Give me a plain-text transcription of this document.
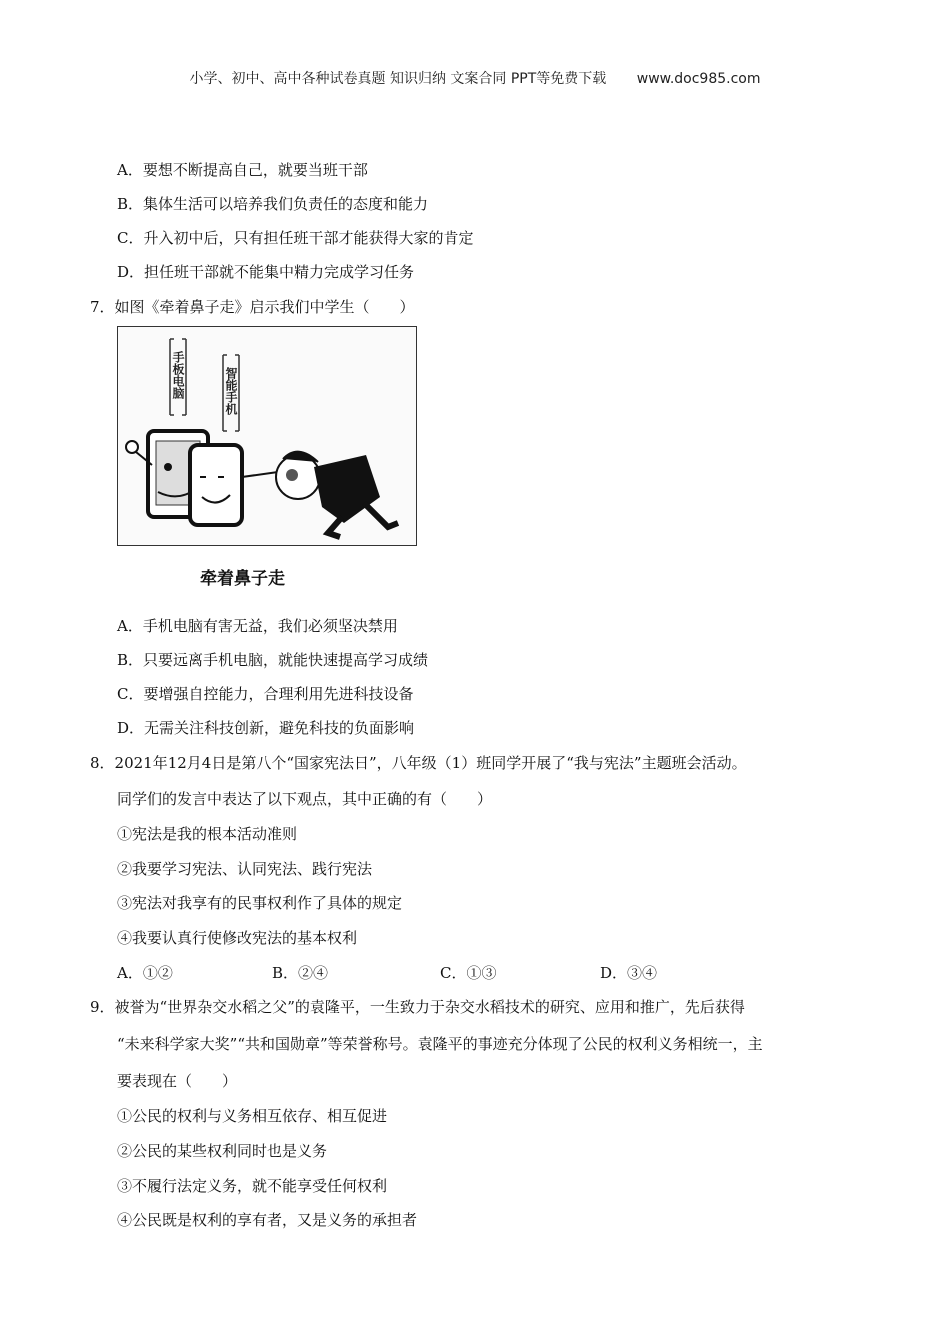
小学、初中、高中各种试卷真题 知识归纳 文案合同 PPT等免费下载 www.doc985.com
A．要想不断提高自己，就要当班干部
B．集体生活可以培养我们负责任的态度和能力
C．升入初中后，只有担任班干部才能获得大家的肯定
D．担任班干部就不能集中精力完成学习任务
7．如图《牵着鼻子走》启示我们中学生（　　）
手板电脑	智能手机
牵着鼻子走
A．手机电脑有害无益，我们必须坚决禁用
B．只要远离手机电脑，就能快速提高学习成绩
C．要增强自控能力，合理利用先进科技设备
D．无需关注科技创新，避免科技的负面影响
8．2021年12月4日是第八个“国家宪法日”，八年级（1）班同学开展了“我与宪法”主题班会活动。
同学们的发言中表达了以下观点，其中正确的有（　　）
①宪法是我的根本活动准则
②我要学习宪法、认同宪法、践行宪法
③宪法对我享有的民事权利作了具体的规定
④我要认真行使修改宪法的基本权利
A．①②	B．②④	C．①③	D．③④
9．被誉为“世界杂交水稻之父”的袁隆平，一生致力于杂交水稻技术的研究、应用和推广，先后获得
“未来科学家大奖”“共和国勋章”等荣誉称号。袁隆平的事迹充分体现了公民的权利义务相统一，主
要表现在（　　）
①公民的权利与义务相互依存、相互促进
②公民的某些权利同时也是义务
③不履行法定义务，就不能享受任何权利
④公民既是权利的享有者，又是义务的承担者
